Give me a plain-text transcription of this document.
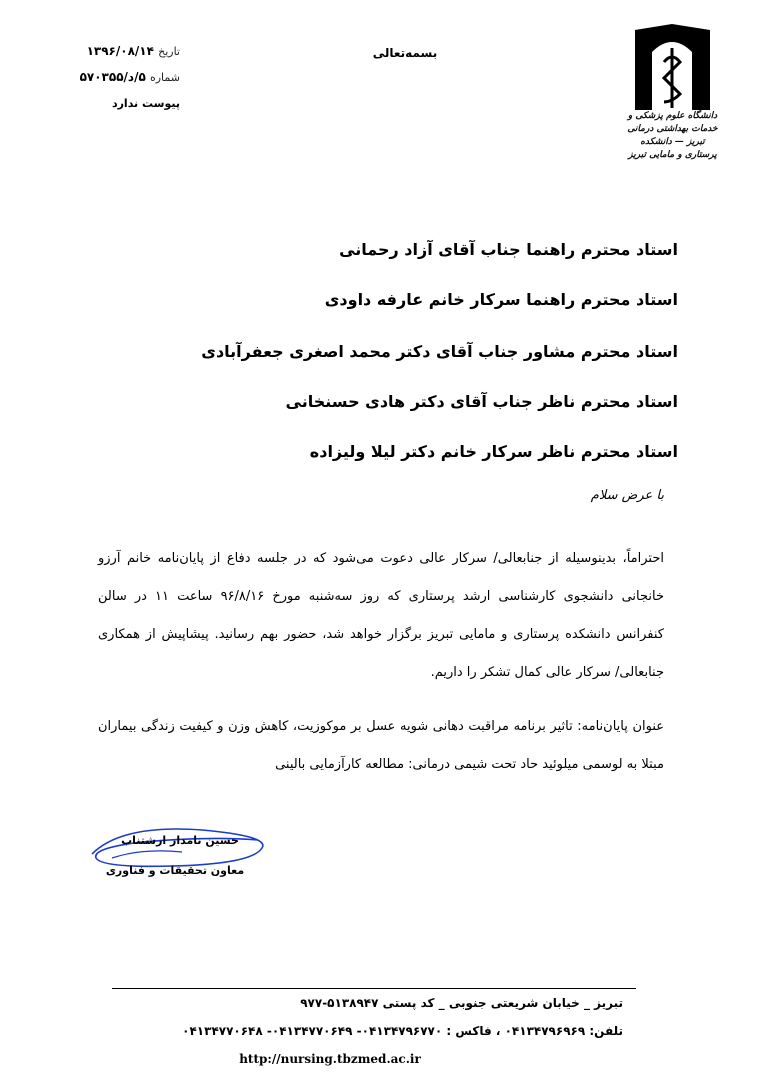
تاریخ ۱۳۹۶/۰۸/۱۴
شماره ۵/د/۵۷۰۳۵۵
پیوست ندارد
بسمه‌تعالی
دانشگاه علوم پزشکی و خدمات بهداشتی درمانی تبریز — دانشکده پرستاری و مامایی تبریز
استاد محترم راهنما جناب آقای آزاد رحمانی
استاد محترم راهنما سرکار خانم عارفه داودی
استاد محترم مشاور جناب آقای دکتر محمد اصغری جعفرآبادی
استاد محترم ناظر جناب آقای دکتر هادی حسنخانی
استاد محترم ناظر سرکار خانم دکتر لیلا ولیزاده
با عرض سلام
احتراماً، بدینوسیله از جنابعالی/ سرکار عالی دعوت می‌شود که در جلسه دفاع از پایان‌نامه خانم آرزو خانجانی دانشجوی کارشناسی ارشد پرستاری که روز سه‌شنبه مورخ ۹۶/۸/۱۶ ساعت ۱۱ در سالن کنفرانس دانشکده پرستاری و مامایی تبریز برگزار خواهد شد، حضور بهم رسانید. پیشاپیش از همکاری جنابعالی/ سرکار عالی کمال تشکر را داریم.
عنوان پایان‌نامه: تاثیر برنامه مراقبت دهانی شویه عسل بر موکوزیت، کاهش وزن و کیفیت زندگی بیماران مبتلا به لوسمی میلوئید حاد تحت شیمی درمانی: مطالعه کارآزمایی بالینی
حسین نامدار ارشتناب
معاون تحقیقات و فناوری
تبریز _ خیابان شریعتی جنوبی _ کد پستی ۵۱۳۸۹۴۷-۹۷۷
تلفن: ۰۴۱۳۴۷۹۶۹۶۹ ، فاکس : ۰۴۱۳۴۷۹۶۷۷۰- ۰۴۱۳۴۷۷۰۶۴۹- ۰۴۱۳۴۷۷۰۶۴۸
http://nursing.tbzmed.ac.ir
